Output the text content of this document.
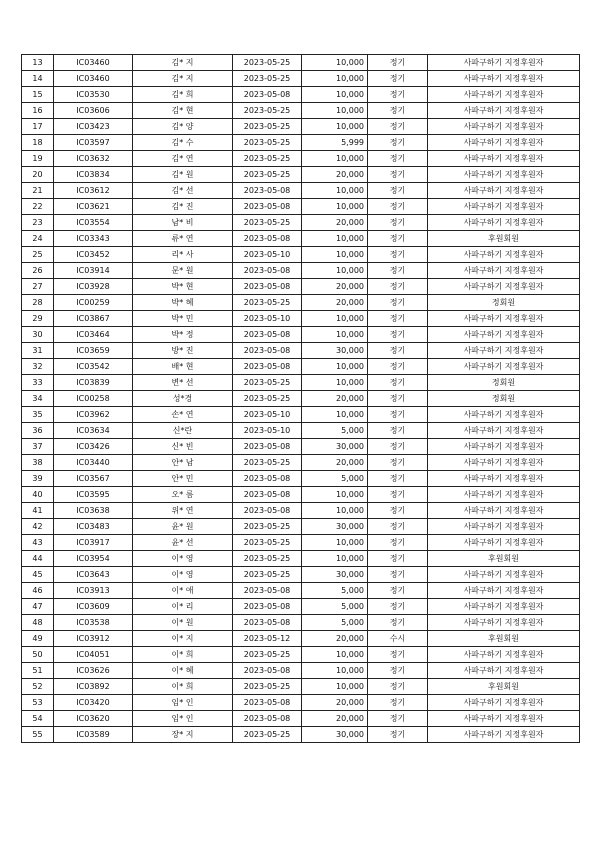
13	IC03460	김* 지	2023-05-25	10,000	정기	사파구하기 지정후원자
14	IC03460	김* 지	2023-05-25	10,000	정기	사파구하기 지정후원자
15	IC03530	김* 희	2023-05-08	10,000	정기	사파구하기 지정후원자
16	IC03606	김* 현	2023-05-25	10,000	정기	사파구하기 지정후원자
17	IC03423	김* 양	2023-05-25	10,000	정기	사파구하기 지정후원자
18	IC03597	김* 수	2023-05-25	5,999	정기	사파구하기 지정후원자
19	IC03632	김* 연	2023-05-25	10,000	정기	사파구하기 지정후원자
20	IC03834	김* 원	2023-05-25	20,000	정기	사파구하기 지정후원자
21	IC03612	김* 선	2023-05-08	10,000	정기	사파구하기 지정후원자
22	IC03621	김* 진	2023-05-08	10,000	정기	사파구하기 지정후원자
23	IC03554	남* 비	2023-05-25	20,000	정기	사파구하기 지정후원자
24	IC03343	류* 연	2023-05-08	10,000	정기	후원회원
25	IC03452	리* 사	2023-05-10	10,000	정기	사파구하기 지정후원자
26	IC03914	문* 원	2023-05-08	10,000	정기	사파구하기 지정후원자
27	IC03928	박* 현	2023-05-08	20,000	정기	사파구하기 지정후원자
28	IC00259	박* 혜	2023-05-25	20,000	정기	정회원
29	IC03867	박* 민	2023-05-10	10,000	정기	사파구하기 지정후원자
30	IC03464	박* 정	2023-05-08	10,000	정기	사파구하기 지정후원자
31	IC03659	방* 진	2023-05-08	30,000	정기	사파구하기 지정후원자
32	IC03542	배* 현	2023-05-08	10,000	정기	사파구하기 지정후원자
33	IC03839	변* 선	2023-05-25	10,000	정기	정회원
34	IC00258	성*경	2023-05-25	20,000	정기	정회원
35	IC03962	손* 연	2023-05-10	10,000	정기	사파구하기 지정후원자
36	IC03634	신*란	2023-05-10	5,000	정기	사파구하기 지정후원자
37	IC03426	신* 빈	2023-05-08	30,000	정기	사파구하기 지정후원자
38	IC03440	안* 남	2023-05-25	20,000	정기	사파구하기 지정후원자
39	IC03567	안* 민	2023-05-08	5,000	정기	사파구하기 지정후원자
40	IC03595	오* 름	2023-05-08	10,000	정기	사파구하기 지정후원자
41	IC03638	위* 연	2023-05-08	10,000	정기	사파구하기 지정후원자
42	IC03483	윤* 원	2023-05-25	30,000	정기	사파구하기 지정후원자
43	IC03917	윤* 선	2023-05-25	10,000	정기	사파구하기 지정후원자
44	IC03954	이* 영	2023-05-25	10,000	정기	후원회원
45	IC03643	이* 영	2023-05-25	30,000	정기	사파구하기 지정후원자
46	IC03913	이* 애	2023-05-08	5,000	정기	사파구하기 지정후원자
47	IC03609	이* 리	2023-05-08	5,000	정기	사파구하기 지정후원자
48	IC03538	이* 원	2023-05-08	5,000	정기	사파구하기 지정후원자
49	IC03912	이* 지	2023-05-12	20,000	수시	후원회원
50	IC04051	이* 희	2023-05-25	10,000	정기	사파구하기 지정후원자
51	IC03626	이* 혜	2023-05-08	10,000	정기	사파구하기 지정후원자
52	IC03892	이* 희	2023-05-25	10,000	정기	후원회원
53	IC03420	임* 인	2023-05-08	20,000	정기	사파구하기 지정후원자
54	IC03620	임* 인	2023-05-08	20,000	정기	사파구하기 지정후원자
55	IC03589	장* 지	2023-05-25	30,000	정기	사파구하기 지정후원자
